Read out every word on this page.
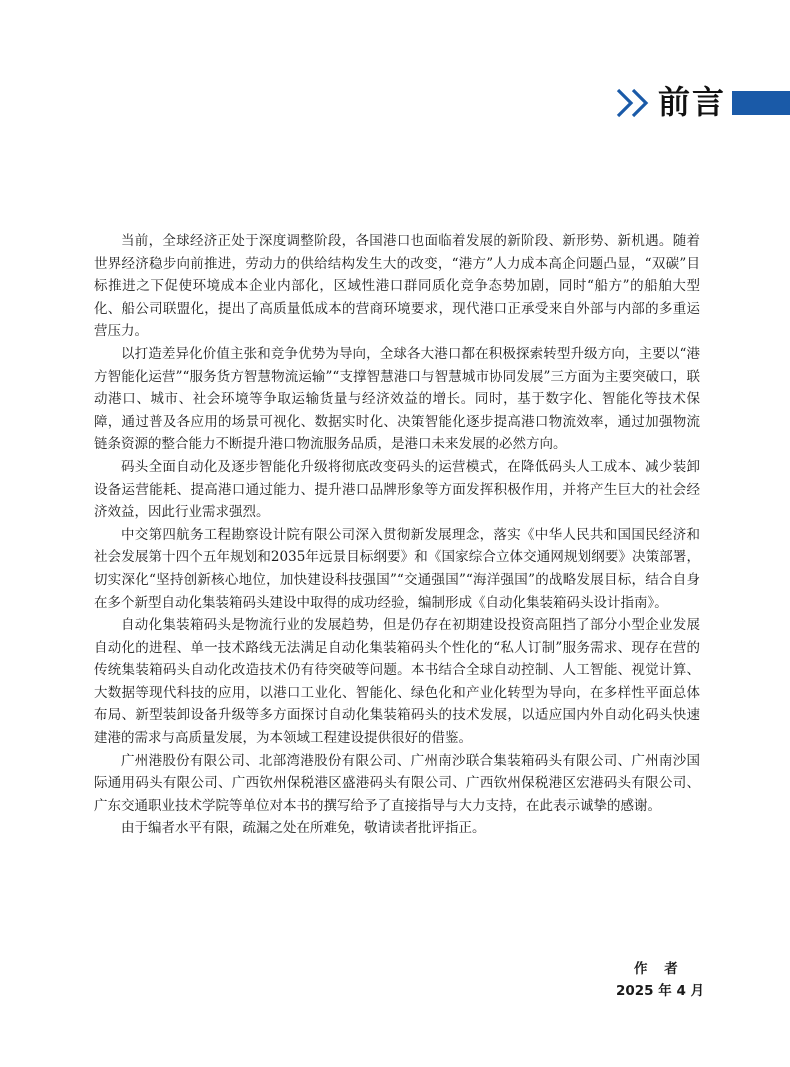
前言

当前，全球经济正处于深度调整阶段，各国港口也面临着发展的新阶段、新形势、新机遇。随着世界经济稳步向前推进，劳动力的供给结构发生大的改变，“港方”人力成本高企问题凸显，“双碳”目标推进之下促使环境成本企业内部化，区域性港口群同质化竞争态势加剧，同时“船方”的船舶大型化、船公司联盟化，提出了高质量低成本的营商环境要求，现代港口正承受来自外部与内部的多重运营压力。

以打造差异化价值主张和竞争优势为导向，全球各大港口都在积极探索转型升级方向，主要以“港方智能化运营”“服务货方智慧物流运输”“支撑智慧港口与智慧城市协同发展”三方面为主要突破口，联动港口、城市、社会环境等争取运输货量与经济效益的增长。同时，基于数字化、智能化等技术保障，通过普及各应用的场景可视化、数据实时化、决策智能化逐步提高港口物流效率，通过加强物流链条资源的整合能力不断提升港口物流服务品质，是港口未来发展的必然方向。

码头全面自动化及逐步智能化升级将彻底改变码头的运营模式，在降低码头人工成本、减少装卸设备运营能耗、提高港口通过能力、提升港口品牌形象等方面发挥积极作用，并将产生巨大的社会经济效益，因此行业需求强烈。

中交第四航务工程勘察设计院有限公司深入贯彻新发展理念，落实《中华人民共和国国民经济和社会发展第十四个五年规划和2035年远景目标纲要》和《国家综合立体交通网规划纲要》决策部署，切实深化“坚持创新核心地位，加快建设科技强国”“交通强国”“海洋强国”的战略发展目标，结合自身在多个新型自动化集装箱码头建设中取得的成功经验，编制形成《自动化集装箱码头设计指南》。

自动化集装箱码头是物流行业的发展趋势，但是仍存在初期建设投资高阻挡了部分小型企业发展自动化的进程、单一技术路线无法满足自动化集装箱码头个性化的“私人订制”服务需求、现存在营的传统集装箱码头自动化改造技术仍有待突破等问题。本书结合全球自动控制、人工智能、视觉计算、大数据等现代科技的应用，以港口工业化、智能化、绿色化和产业化转型为导向，在多样性平面总体布局、新型装卸设备升级等多方面探讨自动化集装箱码头的技术发展，以适应国内外自动化码头快速建港的需求与高质量发展，为本领域工程建设提供很好的借鉴。

广州港股份有限公司、北部湾港股份有限公司、广州南沙联合集装箱码头有限公司、广州南沙国际通用码头有限公司、广西钦州保税港区盛港码头有限公司、广西钦州保税港区宏港码头有限公司、广东交通职业技术学院等单位对本书的撰写给予了直接指导与大力支持，在此表示诚挚的感谢。

由于编者水平有限，疏漏之处在所难免，敬请读者批评指正。

作 者
2025 年 4 月
